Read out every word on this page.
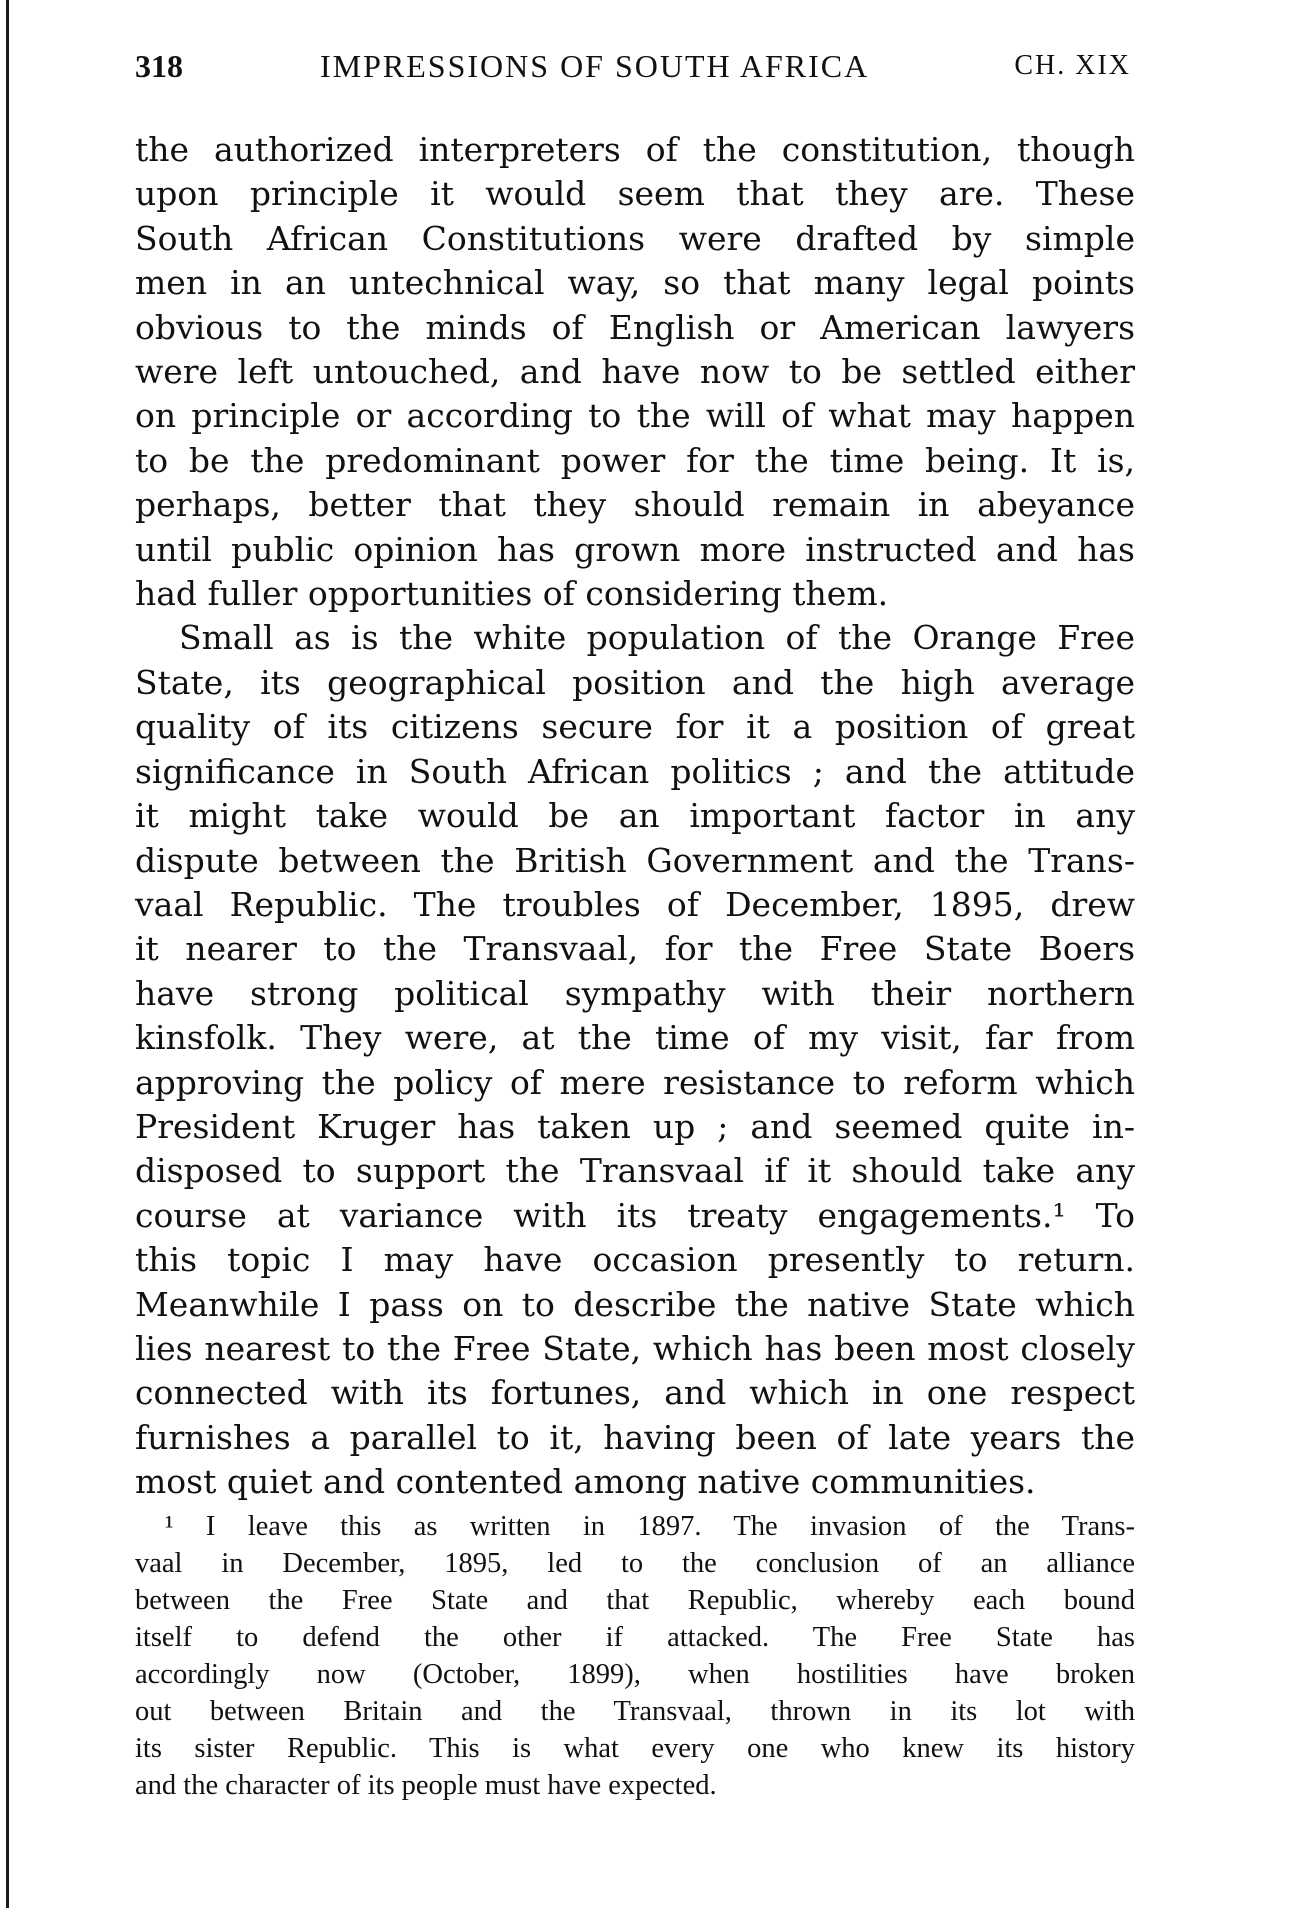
318	IMPRESSIONS OF SOUTH AFRICA	CH. XIX
the authorized interpreters of the constitution, though
upon principle it would seem that they are. These
South African Constitutions were drafted by simple
men in an untechnical way, so that many legal points
obvious to the minds of English or American lawyers
were left untouched, and have now to be settled either
on principle or according to the will of what may happen
to be the predominant power for the time being. It is,
perhaps, better that they should remain in abeyance
until public opinion has grown more instructed and has
had fuller opportunities of considering them.
Small as is the white population of the Orange Free
State, its geographical position and the high average
quality of its citizens secure for it a position of great
significance in South African politics ; and the attitude
it might take would be an important factor in any
dispute between the British Government and the Trans-
vaal Republic. The troubles of December, 1895, drew
it nearer to the Transvaal, for the Free State Boers
have strong political sympathy with their northern
kinsfolk. They were, at the time of my visit, far from
approving the policy of mere resistance to reform which
President Kruger has taken up ; and seemed quite in-
disposed to support the Transvaal if it should take any
course at variance with its treaty engagements.¹ To
this topic I may have occasion presently to return.
Meanwhile I pass on to describe the native State which
lies nearest to the Free State, which has been most closely
connected with its fortunes, and which in one respect
furnishes a parallel to it, having been of late years the
most quiet and contented among native communities.
¹ I leave this as written in 1897. The invasion of the Trans-
vaal in December, 1895, led to the conclusion of an alliance
between the Free State and that Republic, whereby each bound
itself to defend the other if attacked. The Free State has
accordingly now (October, 1899), when hostilities have broken
out between Britain and the Transvaal, thrown in its lot with
its sister Republic. This is what every one who knew its history
and the character of its people must have expected.
